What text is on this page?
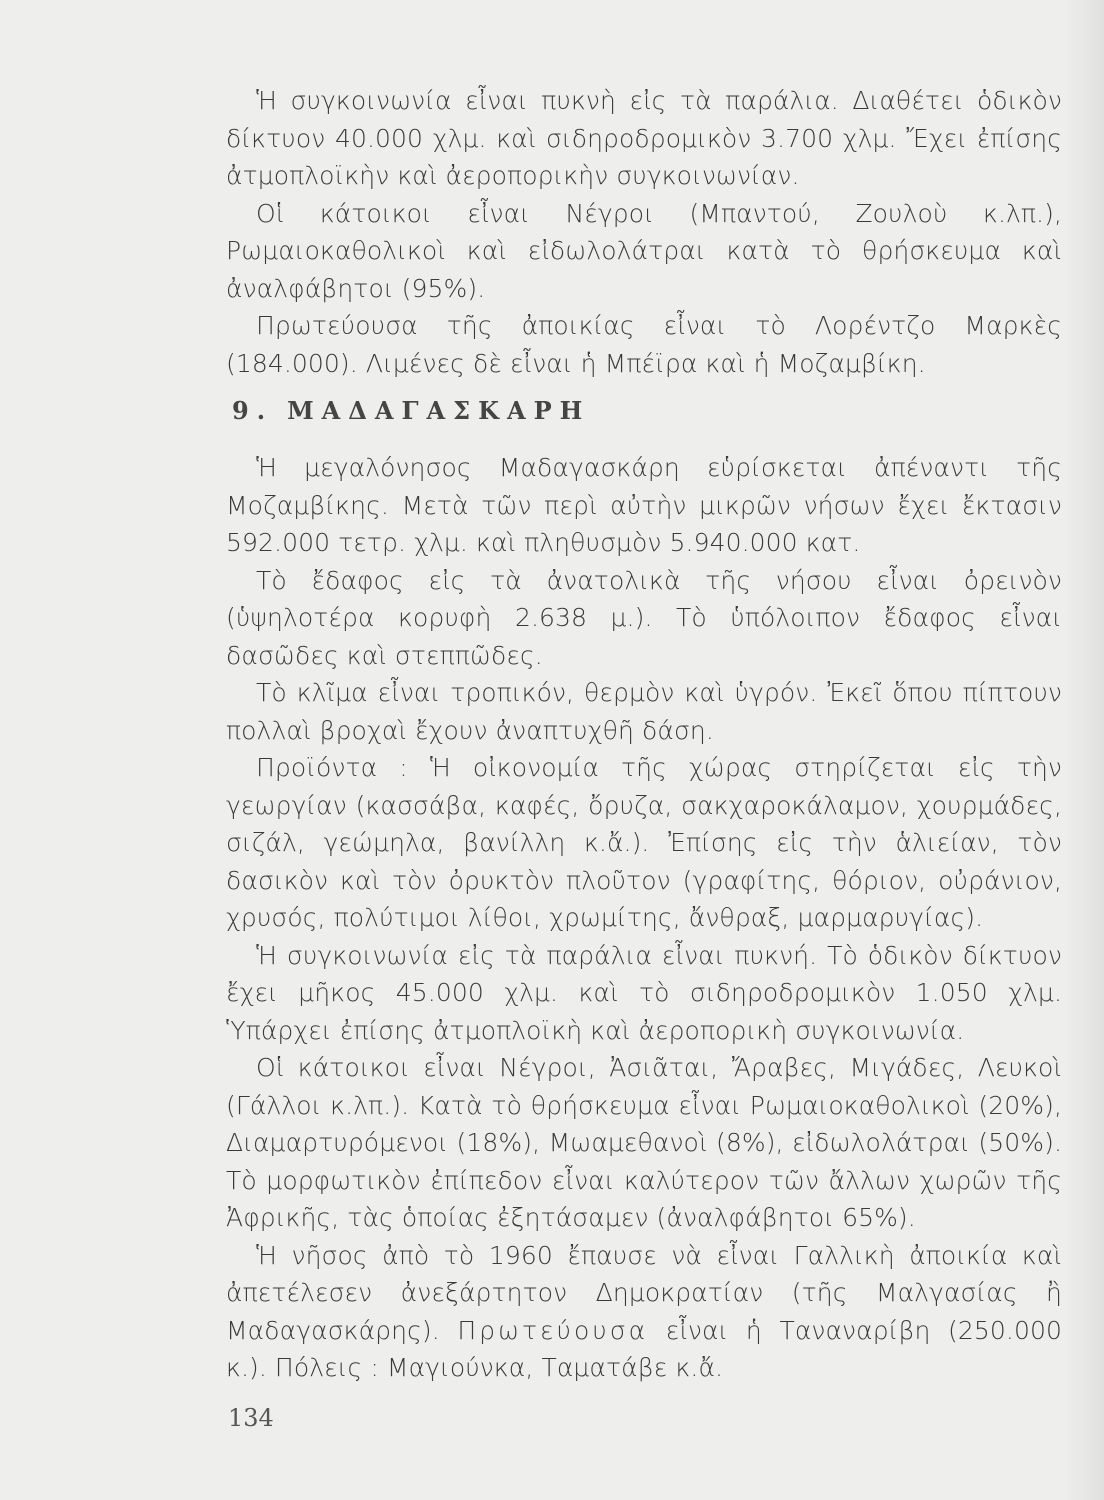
Ἡ συγκοινωνία εἶναι πυκνὴ εἰς τὰ παράλια. Διαθέτει ὁδικὸν δίκτυον 40.000 χλμ. καὶ σιδηροδρομικὸν 3.700 χλμ. Ἔχει ἐπίσης ἀτμοπλοϊκὴν καὶ ἀεροπορικὴν συγκοινωνίαν.

Οἱ κάτοικοι εἶναι Νέγροι (Μπαντού, Ζουλοὺ κ.λπ.), Ρωμαιοκαθολικοὶ καὶ εἰδωλολάτραι κατὰ τὸ θρήσκευμα καὶ ἀναλφάβητοι (95%).

Πρωτεύουσα τῆς ἀποικίας εἶναι τὸ Λορέντζο Μαρκὲς (184.000). Λιμένες δὲ εἶναι ἡ Μπέϊρα καὶ ἡ Μοζαμβίκη.

9. ΜΑΔΑΓΑΣΚΑΡΗ

Ἡ μεγαλόνησος Μαδαγασκάρη εὑρίσκεται ἀπέναντι τῆς Μοζαμβίκης. Μετὰ τῶν περὶ αὐτὴν μικρῶν νήσων ἔχει ἔκτασιν 592.000 τετρ. χλμ. καὶ πληθυσμὸν 5.940.000 κατ.

Τὸ ἔδαφος εἰς τὰ ἀνατολικὰ τῆς νήσου εἶναι ὀρεινὸν (ὑψηλοτέρα κορυφὴ 2.638 μ.). Τὸ ὑπόλοιπον ἔδαφος εἶναι δασῶδες καὶ στεππῶδες.

Τὸ κλῖμα εἶναι τροπικόν, θερμὸν καὶ ὑγρόν. Ἐκεῖ ὅπου πίπτουν πολλαὶ βροχαὶ ἔχουν ἀναπτυχθῆ δάση.

Προϊόντα : Ἡ οἰκονομία τῆς χώρας στηρίζεται εἰς τὴν γεωργίαν (κασσάβα, καφές, ὄρυζα, σακχαροκάλαμον, χουρμάδες, σιζάλ, γεώμηλα, βανίλλη κ.ἄ.). Ἐπίσης εἰς τὴν ἁλιείαν, τὸν δασικὸν καὶ τὸν ὀρυκτὸν πλοῦτον (γραφίτης, θόριον, οὐράνιον, χρυσός, πολύτιμοι λίθοι, χρωμίτης, ἄνθραξ, μαρμαρυγίας).

Ἡ συγκοινωνία εἰς τὰ παράλια εἶναι πυκνή. Τὸ ὁδικὸν δίκτυον ἔχει μῆκος 45.000 χλμ. καὶ τὸ σιδηροδρομικὸν 1.050 χλμ. Ὑπάρχει ἐπίσης ἀτμοπλοϊκὴ καὶ ἀεροπορικὴ συγκοινωνία.

Οἱ κάτοικοι εἶναι Νέγροι, Ἀσιᾶται, Ἄραβες, Μιγάδες, Λευκοὶ (Γάλλοι κ.λπ.). Κατὰ τὸ θρήσκευμα εἶναι Ρωμαιοκαθολικοὶ (20%), Διαμαρτυρόμενοι (18%), Μωαμεθανοὶ (8%), εἰδωλολάτραι (50%). Τὸ μορφωτικὸν ἐπίπεδον εἶναι καλύτερον τῶν ἄλλων χωρῶν τῆς Ἀφρικῆς, τὰς ὁποίας ἐξητάσαμεν (ἀναλφάβητοι 65%).

Ἡ νῆσος ἀπὸ τὸ 1960 ἔπαυσε νὰ εἶναι Γαλλικὴ ἀποικία καὶ ἀπετέλεσεν ἀνεξάρτητον Δημοκρατίαν (τῆς Μαλγασίας ἢ Μαδαγασκάρης). Πρωτεύουσα εἶναι ἡ Ταναναρίβη (250.000 κ.). Πόλεις : Μαγιούνκα, Ταματάβε κ.ἄ.

134
